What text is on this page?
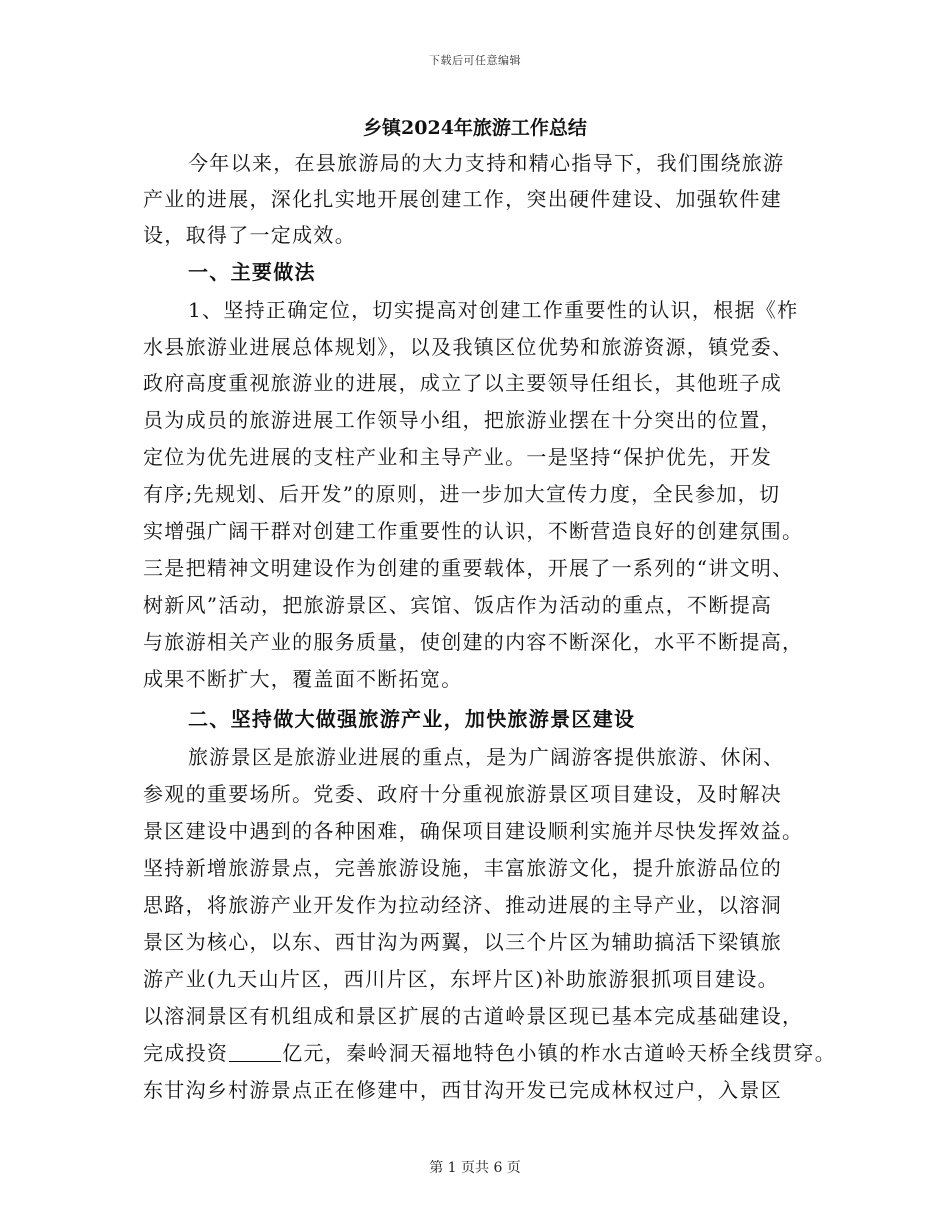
下载后可任意编辑
乡镇2024年旅游工作总结
今年以来，在县旅游局的大力支持和精心指导下，我们围绕旅游
产业的进展，深化扎实地开展创建工作，突出硬件建设、加强软件建
设，取得了一定成效。
一、主要做法
1、坚持正确定位，切实提高对创建工作重要性的认识，根据《柞
水县旅游业进展总体规划》，以及我镇区位优势和旅游资源，镇党委、
政府高度重视旅游业的进展，成立了以主要领导任组长，其他班子成
员为成员的旅游进展工作领导小组，把旅游业摆在十分突出的位置，
定位为优先进展的支柱产业和主导产业。一是坚持“保护优先，开发
有序;先规划、后开发”的原则，进一步加大宣传力度，全民参加，切
实增强广阔干群对创建工作重要性的认识，不断营造良好的创建氛围。
三是把精神文明建设作为创建的重要载体，开展了一系列的“讲文明、
树新风”活动，把旅游景区、宾馆、饭店作为活动的重点，不断提高
与旅游相关产业的服务质量，使创建的内容不断深化，水平不断提高，
成果不断扩大，覆盖面不断拓宽。
二、坚持做大做强旅游产业，加快旅游景区建设
旅游景区是旅游业进展的重点，是为广阔游客提供旅游、休闲、
参观的重要场所。党委、政府十分重视旅游景区项目建设，及时解决
景区建设中遇到的各种困难，确保项目建设顺利实施并尽快发挥效益。
坚持新增旅游景点，完善旅游设施，丰富旅游文化，提升旅游品位的
思路，将旅游产业开发作为拉动经济、推动进展的主导产业，以溶洞
景区为核心，以东、西甘沟为两翼，以三个片区为辅助搞活下梁镇旅
游产业(九天山片区，西川片区，东坪片区)补助旅游狠抓项目建设。
以溶洞景区有机组成和景区扩展的古道岭景区现已基本完成基础建设，
完成投资	亿元，秦岭洞天福地特色小镇的柞水古道岭天桥全线贯穿。
东甘沟乡村游景点正在修建中，西甘沟开发已完成林权过户，入景区
第 1 页共 6 页
